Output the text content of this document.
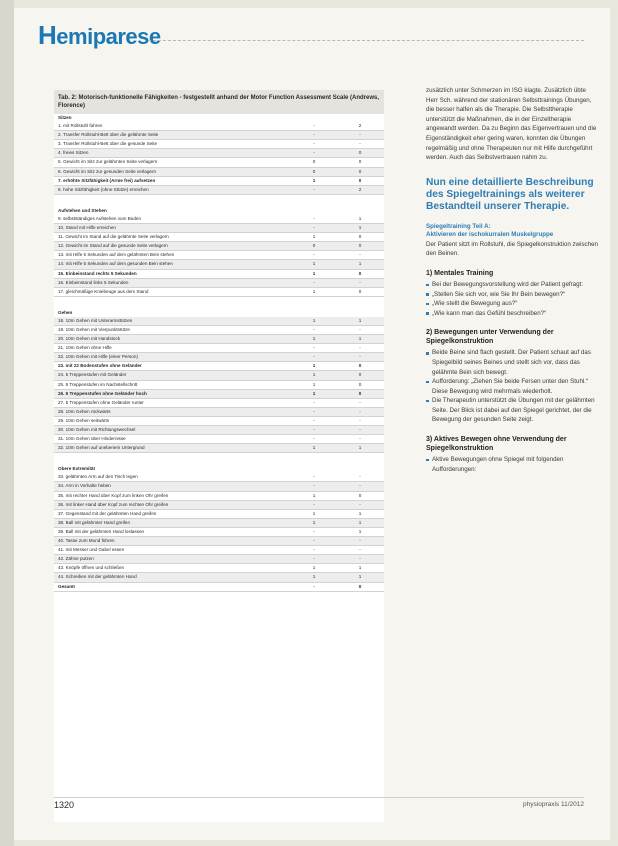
Hemiparese
Tab. 2: Motorisch-funktionelle Fähigkeiten - festgestellt anhand der Motor Function Assessment Scale (Andrews, Florence)
Sitzen
1. mit Rollstuhl fahren	-	2
2. Transfer Rollstuhl-Bett über die gelähmte Seite	-	-
3. Transfer Rollstuhl-Bett über die gesunde Seite	-	-
4. freies Sitzen	-	0
5. Gewicht im Sitz zur gelähmten Seite verlagern	0	0
6. Gewicht im Sitz zur gesunden Seite verlagern	0	0
7. erhöhte Sitzfähigkeit (Arme frei) aufsetzen	1	0
8. hohe Sitzfähigkeit (ohne Stütze) erreichen	-	2
Aufstehen und Stehen
9. selbstständiges Aufstehen vom Boden	-	1
10. Stand mit Hilfe erreichen	-	1
11. Gewicht im Stand auf die gelähmte Seite verlagern	1	0
12. Gewicht im Stand auf die gesunde Seite verlagern	0	0
13. mit Hilfe 5 Sekunden auf dem gelähmten Bein stehen	-	-
14. mit Hilfe 5 Sekunden auf dem gesunden Bein stehen	1	1
15. Einbeinstand rechts 5 Sekunden	1	0
16. Einbeinstand links 5 Sekunden	-	-
17. gleichmäßige Kniebeuge aus dem Stand	1	0
Gehen
18. 10m Gehen mit Unterarmstützen	1	1
19. 10m Gehen mit Vierpunktstütze	-	-
20. 10m Gehen mit Handstock	1	1
21. 10m Gehen ohne Hilfe	-	-
22. 10m Gehen mit Hilfe (einer Person)	-	-
23. mit 22 Bodenstufen ohne Geländer	1	0
24. 5 Treppenstufen mit Geländer	1	0
25. 5 Treppenstufen im Nachstellschritt	1	0
26. 5 Treppenstufen ohne Geländer hoch	1	0
27. 5 Treppenstufen ohne Geländer runter	-	-
28. 10m Gehen rückwärts	-	-
29. 10m Gehen seitwärts	-	-
30. 10m Gehen mit Richtungswechsel	-	-
31. 10m Gehen über Hindernisse	-	-
32. 10m Gehen auf unebenem Untergrund	1	1
Obere Extremität
33. gelähmten Arm auf den Tisch legen	-	-
34. Arm in Vorhalte heben	-	-
35. mit rechter Hand über Kopf zum linken Ohr greifen	1	0
36. mit linker Hand über Kopf zum rechten Ohr greifen	-	-
37. Gegenstand mit der gelähmten Hand greifen	1	1
38. Ball mit gelähmter Hand greifen	1	1
39. Ball mit der gelähmten Hand loslassen	-	1
40. Tasse zum Mund führen	-	-
41. mit Messer und Gabel essen	-	-
42. Zähne putzen	-	-
43. Knöpfe öffnen und schließen	1	1
44. Schreiben mit der gelähmten Hand	1	1
Gesamt	-	0

zusätzlich unter Schmerzen im ISG klagte. Zusätzlich übte Herr Sch. während der stationären Selbsttrainings Übungen, die besser halfen als die Therapie. Die Selbsttherapie unterstützt die Maßnahmen, die in der Einzeltherapie angewandt werden. Da zu Beginn das Eigenvertrauen und die Eigenständigkeit eher gering waren, konnten die Übungen regelmäßig und ohne Therapeuten nur mit Hilfe durchgeführt werden. Auch das Selbstvertrauen nahm zu.

Nun eine detaillierte Beschreibung des Spiegeltrainings als weiterer Bestandteil unserer Therapie.
Spiegeltraining Teil A:
Aktivieren der ischokurralen Muskelgruppe

Der Patient sitzt im Rollstuhl, die Spiegelkonstruktion zwischen den Beinen.

1) Mentales Training
Bei der Bewegungsvorstellung wird der Patient gefragt:
„Stellen Sie sich vor, wie Sie Ihr Bein bewegen?“
„Wie stellt die Bewegung aus?“
„Wie kann man das Gefühl beschreiben?“
2) Bewegungen unter Verwendung der Spiegelkonstruktion
Beide Beine sind flach gestellt. Der Patient schaut auf das Spiegelbild seines Beines und stellt sich vor, dass das gelähmte Bein sich bewegt.
Aufforderung: „Ziehen Sie beide Fersen unter den Stuhl.“ Diese Bewegung wird mehrmals wiederholt.
Die Therapeutin unterstützt die Übungen mit der gelähmten Seite. Der Blick ist dabei auf den Spiegel gerichtet, der die Bewegung der gesunden Seite zeigt.
3) Aktives Bewegen ohne Verwendung der Spiegelkonstruktion
Aktive Bewegungen ohne Spiegel mit folgenden Aufforderungen:
1320	physiopraxis 11/2012
